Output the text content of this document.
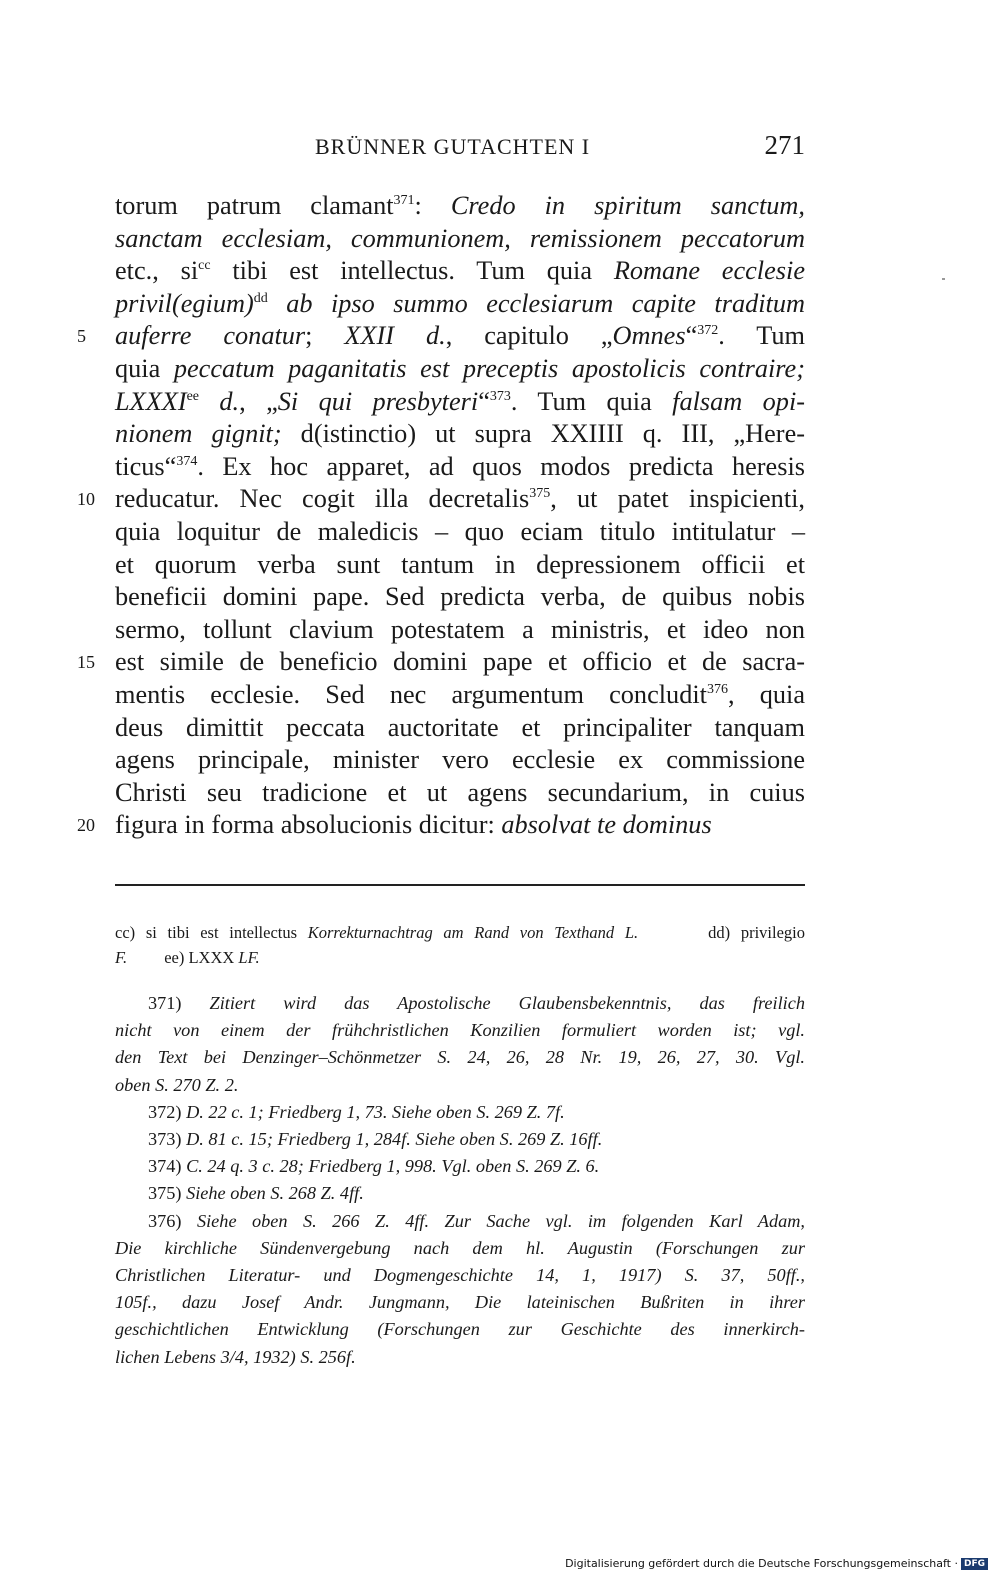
BRÜNNER GUTACHTEN I	271
torum patrum clamant$^{371}$: Credo in spiritum sanctum,
sanctam ecclesiam, communionem, remissionem peccatorum
etc., $si^{cc}$ tibi est intellectus. Tum quia Romane ecclesie
privil(egium)$^{dd}$ ab ipso summo ecclesiarum capite traditum
5	auferre conatur; XXII d., capitulo „Omnes“$^{372}$. Tum
quia peccatum paganitatis est preceptis apostolicis contraire;
$LXXXI^{ee}$ d., „Si qui presbyteri“$^{373}$. Tum quia falsam opi-
nionem gignit; d(istinctio) ut supra XXIIII q. III, „Here-
ticus“$^{374}$. Ex hoc apparet, ad quos modos predicta heresis
10 reducatur. Nec cogit illa decretalis$^{375}$, ut patet inspicienti,
quia loquitur de maledicis – quo eciam titulo intitulatur –
et quorum verba sunt tantum in depressionem officii et
beneficii domini pape. Sed predicta verba, de quibus nobis
sermo, tollunt clavium potestatem a ministris, et ideo non
15 est simile de beneficio domini pape et officio et de sacra-
mentis ecclesie. Sed nec argumentum concludit$^{376}$, quia
deus dimittit peccata auctoritate et principaliter tanquam
agens principale, minister vero ecclesie ex commissione
Christi seu tradicione et ut agens secundarium, in cuius
20 figura in forma absolucionis dicitur: absolvat te dominus
cc) si tibi est intellectus Korrekturnachtrag am Rand von Texthand L.	dd) privilegio
F.         ee) LXXX LF.
371) Zitiert wird das Apostolische Glaubensbekenntnis, das freilich
nicht von einem der frühchristlichen Konzilien formuliert worden ist; vgl.
den Text bei Denzinger–Schönmetzer S. 24, 26, 28 Nr. 19, 26, 27, 30. Vgl.
oben S. 270 Z. 2.
372) D. 22 c. 1; Friedberg 1, 73. Siehe oben S. 269 Z. 7f.
373) D. 81 c. 15; Friedberg 1, 284f. Siehe oben S. 269 Z. 16ff.
374) C. 24 q. 3 c. 28; Friedberg 1, 998. Vgl. oben S. 269 Z. 6.
375) Siehe oben S. 268 Z. 4ff.
376) Siehe oben S. 266 Z. 4ff. Zur Sache vgl. im folgenden Karl Adam,
Die kirchliche Sündenvergebung nach dem hl. Augustin (Forschungen zur
Christlichen Literatur- und Dogmengeschichte 14, 1, 1917) S. 37, 50ff.,
105f., dazu Josef Andr. Jungmann, Die lateinischen Bußriten in ihrer
geschichtlichen Entwicklung (Forschungen zur Geschichte des innerkirch-
lichen Lebens 3/4, 1932) S. 256f.
Digitalisierung gefördert durch die Deutsche Forschungsgemeinschaft · DFG
